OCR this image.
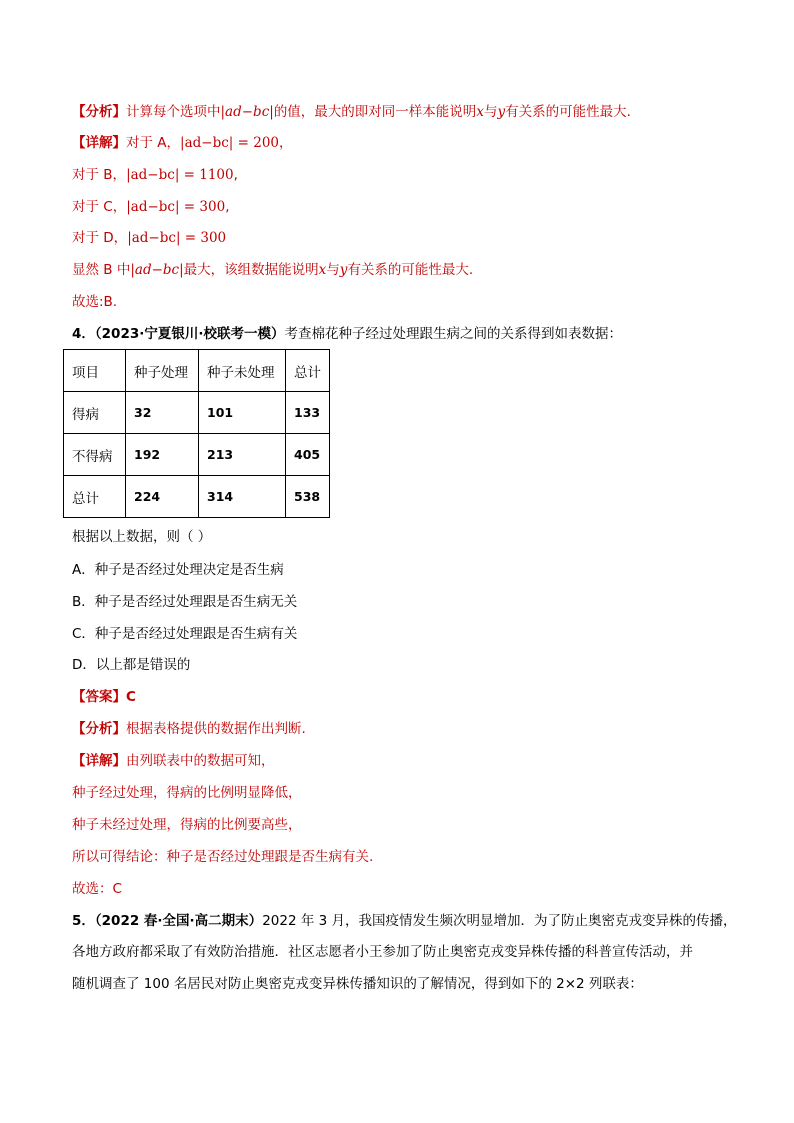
【分析】计算每个选项中|ad−bc|的值，最大的即对同一样本能说明x与y有关系的可能性最大.
【详解】对于 A，|ad−bc| = 200，
对于 B，|ad−bc| = 1100,
对于 C，|ad−bc| = 300,
对于 D，|ad−bc| = 300
显然 B 中|ad−bc|最大，该组数据能说明x与y有关系的可能性最大.
故选:B.
4．（2023·宁夏银川·校联考一模）考查棉花种子经过处理跟生病之间的关系得到如表数据：
项目	种子处理	种子未处理	总计
得病	32	101	133
不得病	192	213	405
总计	224	314	538
根据以上数据，则（ ）
A．种子是否经过处理决定是否生病
B．种子是否经过处理跟是否生病无关
C．种子是否经过处理跟是否生病有关
D．以上都是错误的
【答案】C
【分析】根据表格提供的数据作出判断.
【详解】由列联表中的数据可知，
种子经过处理，得病的比例明显降低，
种子未经过处理，得病的比例要高些，
所以可得结论：种子是否经过处理跟是否生病有关.
故选：C
5．（2022 春·全国·高二期末）2022 年 3 月，我国疫情发生频次明显增加．为了防止奥密克戎变异株的传播，
各地方政府都采取了有效防治措施．社区志愿者小王参加了防止奥密克戎变异株传播的科普宣传活动，并
随机调查了 100 名居民对防止奥密克戎变异株传播知识的了解情况，得到如下的 2×2 列联表：
